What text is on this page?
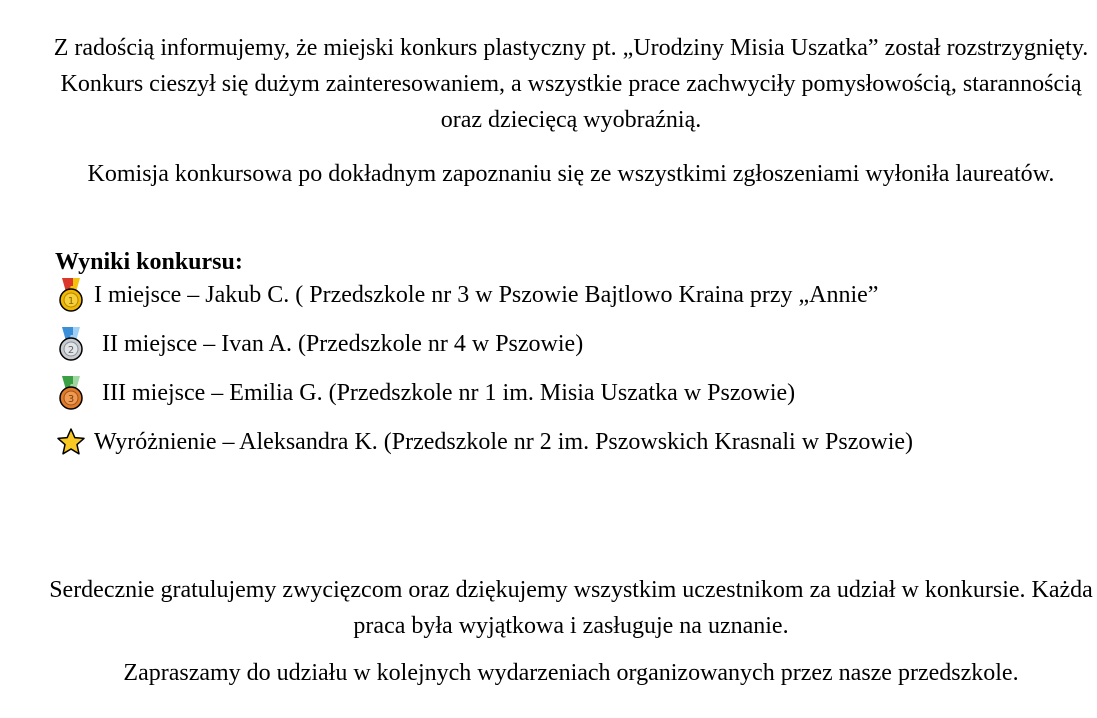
Z radością informujemy, że miejski konkurs plastyczny pt. „Urodziny Misia Uszatka” został rozstrzygnięty. Konkurs cieszył się dużym zainteresowaniem, a wszystkie prace zachwyciły pomysłowością, starannością oraz dziecięcą wyobraźnią.
Komisja konkursowa po dokładnym zapoznaniu się ze wszystkimi zgłoszeniami wyłoniła laureatów.
Wyniki konkursu:
1 I miejsce – Jakub C. ( Przedszkole nr 3 w Pszowie Bajtlowo Kraina przy „Annie”
2 II miejsce – Ivan A. (Przedszkole nr 4 w Pszowie)
3 III miejsce – Emilia G. (Przedszkole nr 1 im. Misia Uszatka w Pszowie)
Wyróżnienie – Aleksandra K. (Przedszkole nr 2 im. Pszowskich Krasnali w Pszowie)
Serdecznie gratulujemy zwycięzcom oraz dziękujemy wszystkim uczestnikom za udział w konkursie. Każda praca była wyjątkowa i zasługuje na uznanie.
Zapraszamy do udziału w kolejnych wydarzeniach organizowanych przez nasze przedszkole.
